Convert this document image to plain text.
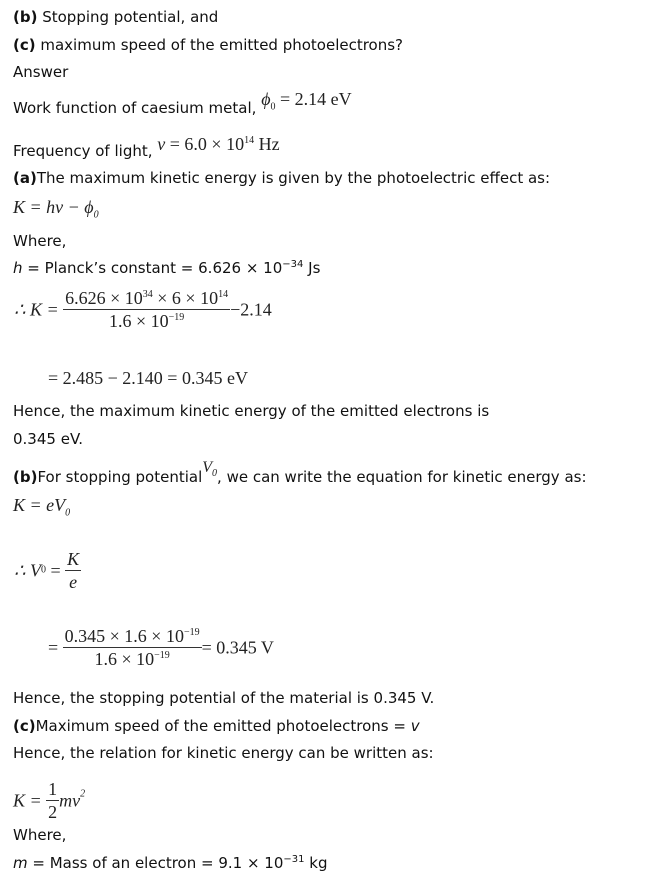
(b) Stopping potential, and
(c) maximum speed of the emitted photoelectrons?
Answer
Work function of caesium metal, $\phi_0 = 2.14$ eV
Frequency of light, $\nu = 6.0 \times 10^{14}$ Hz
(a)The maximum kinetic energy is given by the photoelectric effect as:
$K = h\nu - \phi_0$
Where,
h = Planck’s constant = $6.626 \times 10^{-34}$ Js
∴ $K = \frac{6.626 \times 10^{34} \times 6 \times 10^{14}}{1.6 \times 10^{-19}} -2.14$
= 2.485 − 2.140 = 0.345 eV
Hence, the maximum kinetic energy of the emitted electrons is
0.345 eV.
(b)For stopping potentialV$_0$, we can write the equation for kinetic energy as:
$K = eV_0$
∴ $V0 = \frac{K}{e}$
= $\frac{0.345 \times 1.6 \times 10^{-19}}{1.6 \times 10^{-19}} = 0.345$ V
Hence, the stopping potential of the material is 0.345 V.
(c)Maximum speed of the emitted photoelectrons = v
Hence, the relation for kinetic energy can be written as:
$K = \frac{1}{2} mv^2$
Where,
m = Mass of an electron = $9.1 \times 10^{-31}$ kg
